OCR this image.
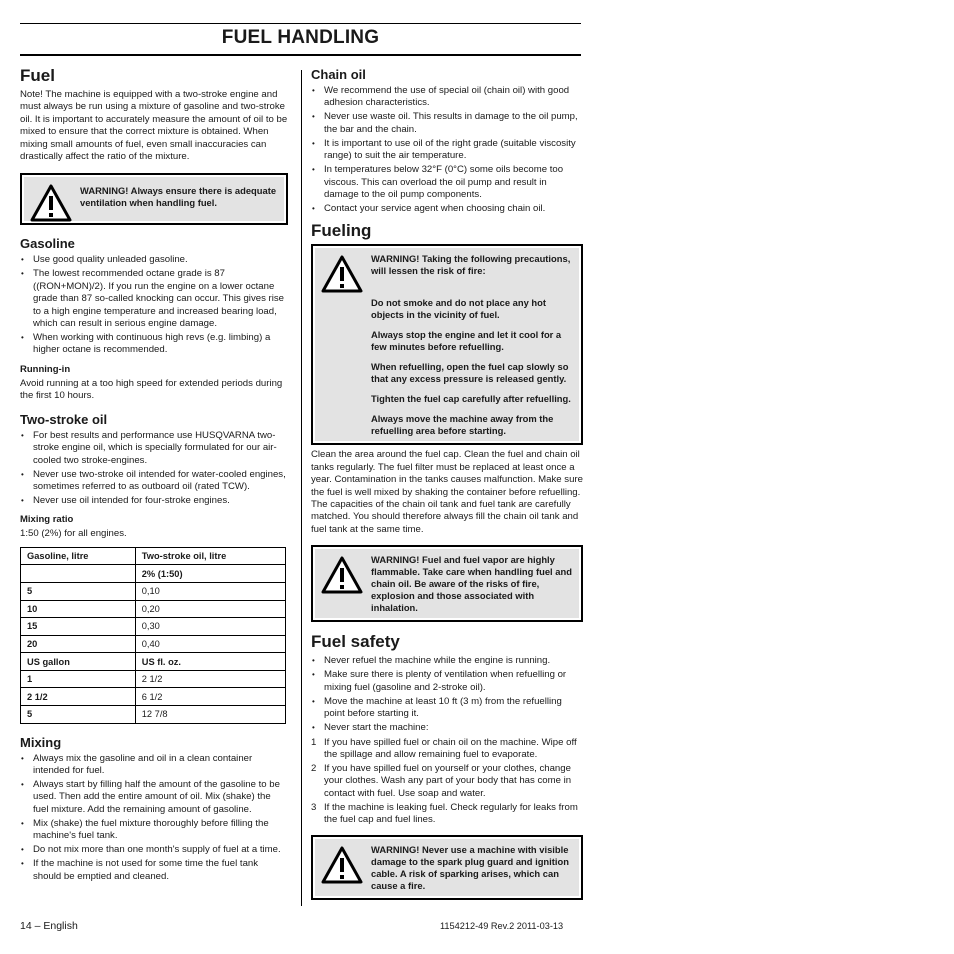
FUEL HANDLING
Fuel

Note! The machine is equipped with a two-stroke engine and must always be run using a mixture of gasoline and two-stroke oil. It is important to accurately measure the amount of oil to be mixed to ensure that the correct mixture is obtained. When mixing small amounts of fuel, even small inaccuracies can drastically affect the ratio of the mixture.

WARNING! Always ensure there is adequate ventilation when handling fuel.

Gasoline
• Use good quality unleaded gasoline.
• The lowest recommended octane grade is 87 ((RON+MON)/2). If you run the engine on a lower octane grade than 87 so-called knocking can occur. This gives rise to a high engine temperature and increased bearing load, which can result in serious engine damage.
• When working with continuous high revs (e.g. limbing) a higher octane is recommended.
Running-in

Avoid running at a too high speed for extended periods during the first 10 hours.

Two-stroke oil
• For best results and performance use HUSQVARNA two-stroke engine oil, which is specially formulated for our air-cooled two stroke-engines.
• Never use two-stroke oil intended for water-cooled engines, sometimes referred to as outboard oil (rated TCW).
• Never use oil intended for four-stroke engines.
Mixing ratio

1:50 (2%) for all engines.

Gasoline, litre	Two-stroke oil, litre
	2% (1:50)
5	0,10
10	0,20
15	0,30
20	0,40
US gallon	US fl. oz.
1	2 1/2
2 1/2	6 1/2
5	12 7/8
Mixing
• Always mix the gasoline and oil in a clean container intended for fuel.
• Always start by filling half the amount of the gasoline to be used. Then add the entire amount of oil. Mix (shake) the fuel mixture. Add the remaining amount of gasoline.
• Mix (shake) the fuel mixture thoroughly before filling the machine's fuel tank.
• Do not mix more than one month's supply of fuel at a time.
• If the machine is not used for some time the fuel tank should be emptied and cleaned.
Chain oil
• We recommend the use of special oil (chain oil) with good adhesion characteristics.
• Never use waste oil. This results in damage to the oil pump, the bar and the chain.
• It is important to use oil of the right grade (suitable viscosity range) to suit the air temperature.
• In temperatures below 32°F (0°C) some oils become too viscous. This can overload the oil pump and result in damage to the oil pump components.
• Contact your service agent when choosing chain oil.
Fueling

WARNING! Taking the following precautions, will lessen the risk of fire:

Do not smoke and do not place any hot objects in the vicinity of fuel.

Always stop the engine and let it cool for a few minutes before refuelling.

When refuelling, open the fuel cap slowly so that any excess pressure is released gently.

Tighten the fuel cap carefully after refuelling.

Always move the machine away from the refuelling area before starting.

Clean the area around the fuel cap. Clean the fuel and chain oil tanks regularly. The fuel filter must be replaced at least once a year. Contamination in the tanks causes malfunction. Make sure the fuel is well mixed by shaking the container before refuelling. The capacities of the chain oil tank and fuel tank are carefully matched. You should therefore always fill the chain oil tank and fuel tank at the same time.

WARNING! Fuel and fuel vapor are highly flammable. Take care when handling fuel and chain oil. Be aware of the risks of fire, explosion and those associated with inhalation.

Fuel safety
• Never refuel the machine while the engine is running.
• Make sure there is plenty of ventilation when refuelling or mixing fuel (gasoline and 2-stroke oil).
• Move the machine at least 10 ft (3 m) from the refuelling point before starting it.
• Never start the machine:
1 If you have spilled fuel or chain oil on the machine. Wipe off the spillage and allow remaining fuel to evaporate.
2 If you have spilled fuel on yourself or your clothes, change your clothes. Wash any part of your body that has come in contact with fuel. Use soap and water.
3 If the machine is leaking fuel. Check regularly for leaks from the fuel cap and fuel lines.

WARNING! Never use a machine with visible damage to the spark plug guard and ignition cable. A risk of sparking arises, which can cause a fire.

14 – English	1154212-49 Rev.2 2011-03-13
